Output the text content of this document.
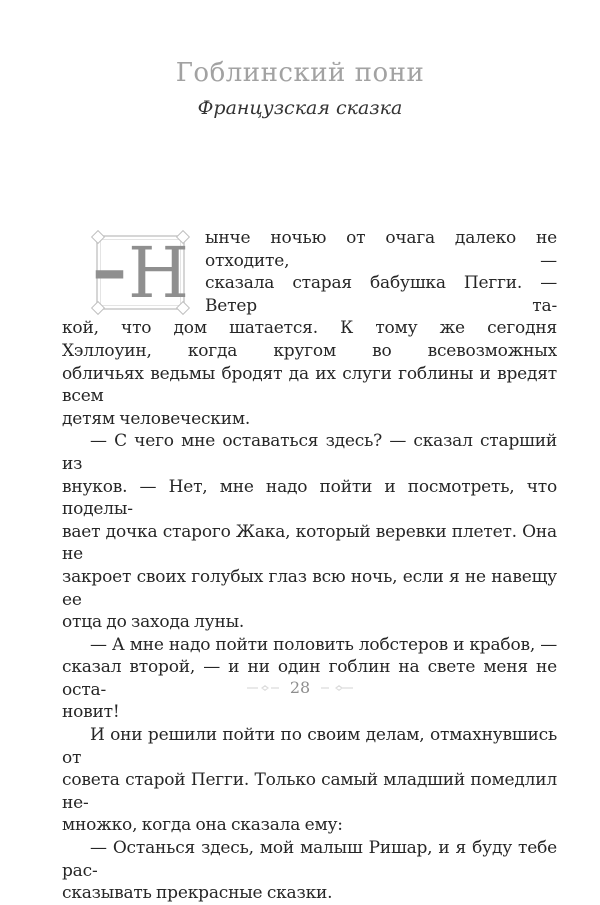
Гоблинский пони
Французская сказка
– Н ынче ночью от очага далеко не отходите, —
сказала старая бабушка Пегги. — Ветер та-
кой, что дом шатается. К тому же сегодня
Хэллоуин, когда кругом во всевозможных
обличьях ведьмы бродят да их слуги гоблины и вредят всем
детям человеческим.
— С чего мне оставаться здесь? — сказал старший из
внуков. — Нет, мне надо пойти и посмотреть, что поделы-
вает дочка старого Жака, который веревки плетет. Она не
закроет своих голубых глаз всю ночь, если я не навещу ее
отца до захода луны.
— А мне надо пойти половить лобстеров и крабов, —
сказал второй, — и ни один гоблин на свете меня не оста-
новит!
И они решили пойти по своим делам, отмахнувшись от
совета старой Пегги. Только самый младший помедлил не-
множко, когда она сказала ему:
— Останься здесь, мой малыш Ришар, и я буду тебе рас-
сказывать прекрасные сказки.
28
